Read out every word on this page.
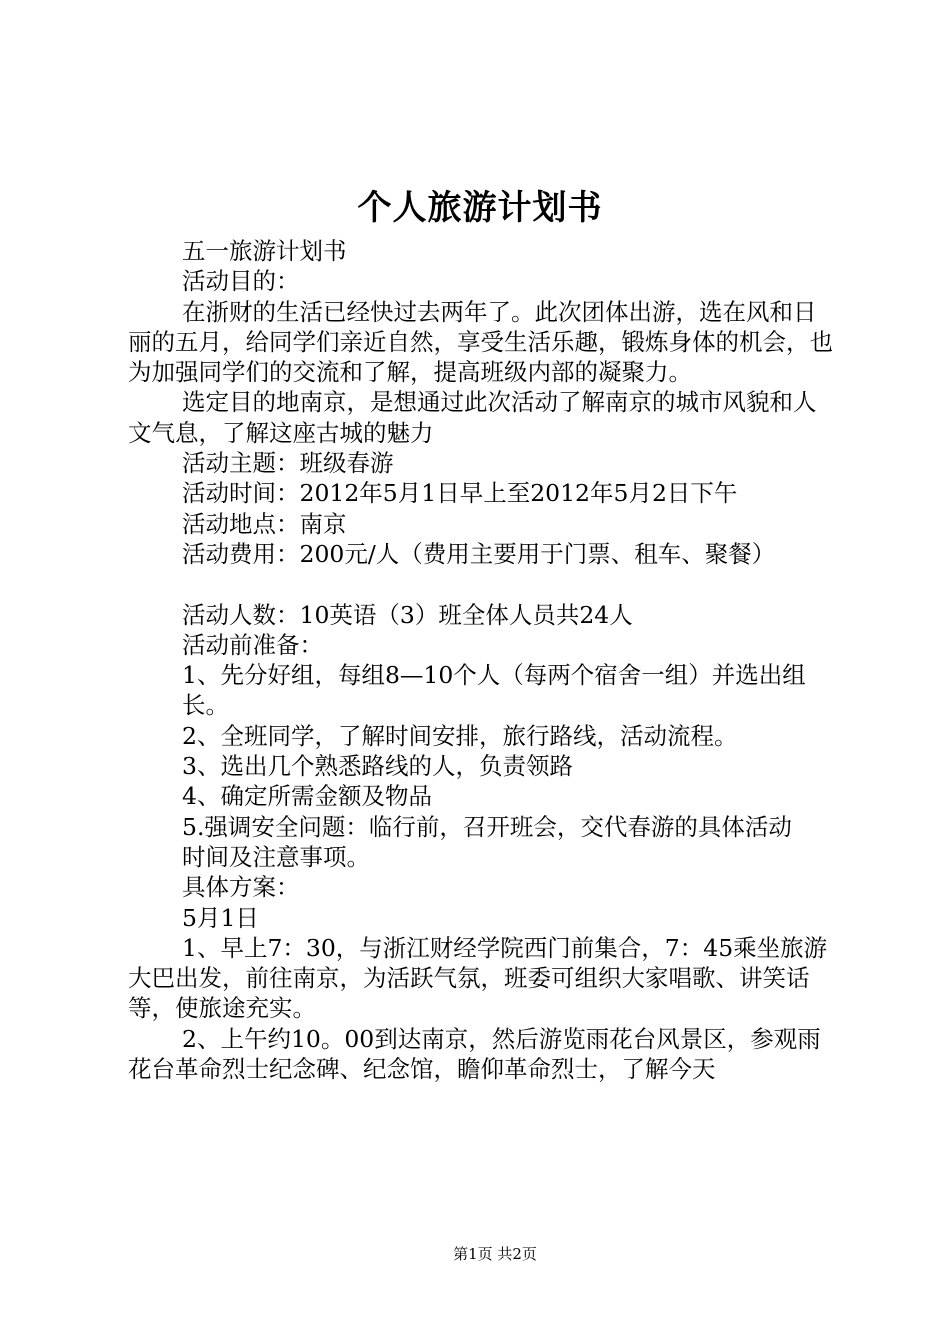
个人旅游计划书

五一旅游计划书

活动目的：

在浙财的生活已经快过去两年了。此次团体出游，选在风和日丽的五月，给同学们亲近自然，享受生活乐趣，锻炼身体的机会，也为加强同学们的交流和了解，提高班级内部的凝聚力。

选定目的地南京，是想通过此次活动了解南京的城市风貌和人文气息，了解这座古城的魅力

活动主题：班级春游

活动时间：2012年5月1日早上至2012年5月2日下午

活动地点：南京

活动费用：200元/人（费用主要用于门票、租车、聚餐）

活动人数：10英语（3）班全体人员共24人

活动前准备：

1、先分好组，每组8—10个人（每两个宿舍一组）并选出组

长。

2、全班同学，了解时间安排，旅行路线，活动流程。

3、选出几个熟悉路线的人，负责领路

4、确定所需金额及物品

5.强调安全问题：临行前，召开班会，交代春游的具体活动

时间及注意事项。

具体方案：

5月1日

1、早上7：30，与浙江财经学院西门前集合，7：45乘坐旅游大巴出发，前往南京，为活跃气氛，班委可组织大家唱歌、讲笑话等，使旅途充实。

2、上午约10。00到达南京，然后游览雨花台风景区，参观雨花台革命烈士纪念碑、纪念馆，瞻仰革命烈士，了解今天

第1页 共2页
